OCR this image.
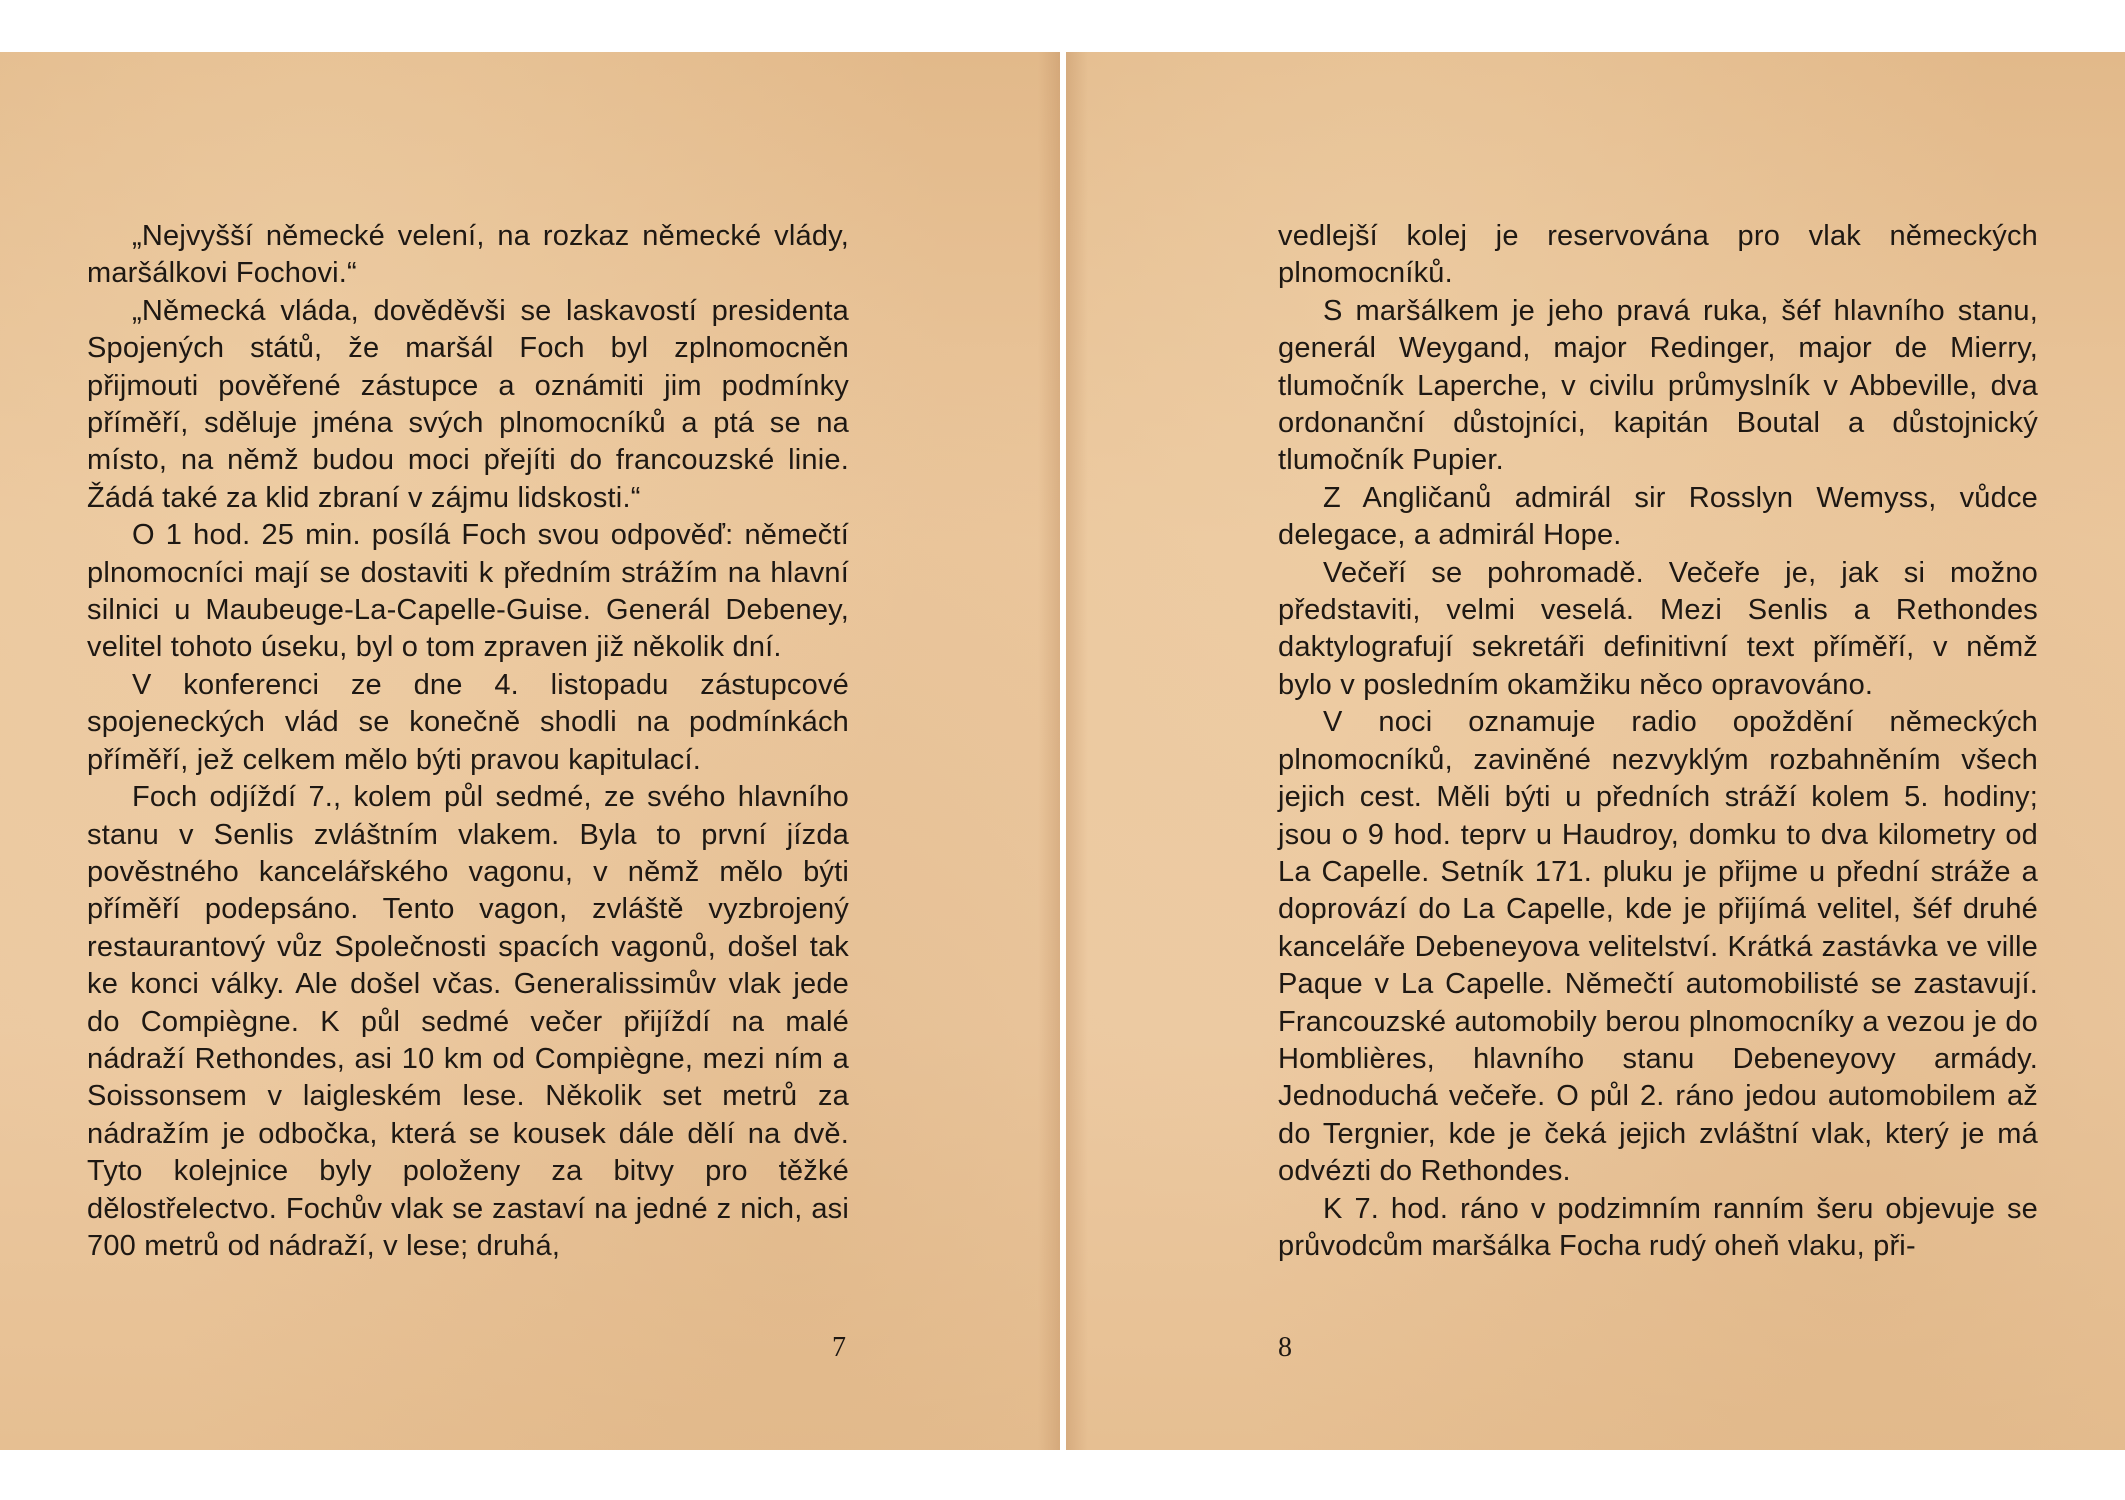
„Nejvyšší německé velení, na rozkaz německé vlády, maršálkovi Fochovi.“

„Německá vláda, dověděvši se laskavostí presidenta Spojených států, že maršál Foch byl zplnomocněn přijmouti pověřené zástupce a oznámiti jim podmínky příměří, sděluje jména svých plnomocníků a ptá se na místo, na němž budou moci přejíti do francouzské linie. Žádá také za klid zbraní v zájmu lidskosti.“

O 1 hod. 25 min. posílá Foch svou odpověď: němečtí plnomocníci mají se dostaviti k předním strážím na hlavní silnici u Maubeuge-La-Capelle-Guise. Generál Debeney, velitel tohoto úseku, byl o tom zpraven již několik dní.

V konferenci ze dne 4. listopadu zástupcové spojeneckých vlád se konečně shodli na podmínkách příměří, jež celkem mělo býti pravou kapitulací.

Foch odjíždí 7., kolem půl sedmé, ze svého hlavního stanu v Senlis zvláštním vlakem. Byla to první jízda pověstného kancelářského vagonu, v němž mělo býti příměří podepsáno. Tento vagon, zvláště vyzbrojený restaurantový vůz Společnosti spacích vagonů, došel tak ke konci války. Ale došel včas. Generalissimův vlak jede do Compiègne. K půl sedmé večer přijíždí na malé nádraží Rethondes, asi 10 km od Compiègne, mezi ním a Soissonsem v laigleském lese. Několik set metrů za nádražím je odbočka, která se kousek dále dělí na dvě. Tyto kolejnice byly položeny za bitvy pro těžké dělostřelectvo. Fochův vlak se zastaví na jedné z nich, asi 700 metrů od nádraží, v lese; druhá,

7

vedlejší kolej je reservována pro vlak německých plnomocníků.

S maršálkem je jeho pravá ruka, šéf hlavního stanu, generál Weygand, major Redinger, major de Mierry, tlumočník Laperche, v civilu průmyslník v Abbeville, dva ordonanční důstojníci, kapitán Boutal a důstojnický tlumočník Pupier.

Z Angličanů admirál sir Rosslyn Wemyss, vůdce delegace, a admirál Hope.

Večeří se pohromadě. Večeře je, jak si možno představiti, velmi veselá. Mezi Senlis a Rethondes daktylografují sekretáři definitivní text příměří, v němž bylo v posledním okamžiku něco opravováno.

V noci oznamuje radio opoždění německých plnomocníků, zaviněné nezvyklým rozbahněním všech jejich cest. Měli býti u předních stráží kolem 5. hodiny; jsou o 9 hod. teprv u Haudroy, domku to dva kilometry od La Capelle. Setník 171. pluku je přijme u přední stráže a doprovází do La Capelle, kde je přijímá velitel, šéf druhé kanceláře Debeneyova velitelství. Krátká zastávka ve ville Paque v La Capelle. Němečtí automobilisté se zastavují. Francouzské automobily berou plnomocníky a vezou je do Homblières, hlavního stanu Debeneyovy armády. Jednoduchá večeře. O půl 2. ráno jedou automobilem až do Tergnier, kde je čeká jejich zvláštní vlak, který je má odvézti do Rethondes.

K 7. hod. ráno v podzimním ranním šeru objevuje se průvodcům maršálka Focha rudý oheň vlaku, při-

8
